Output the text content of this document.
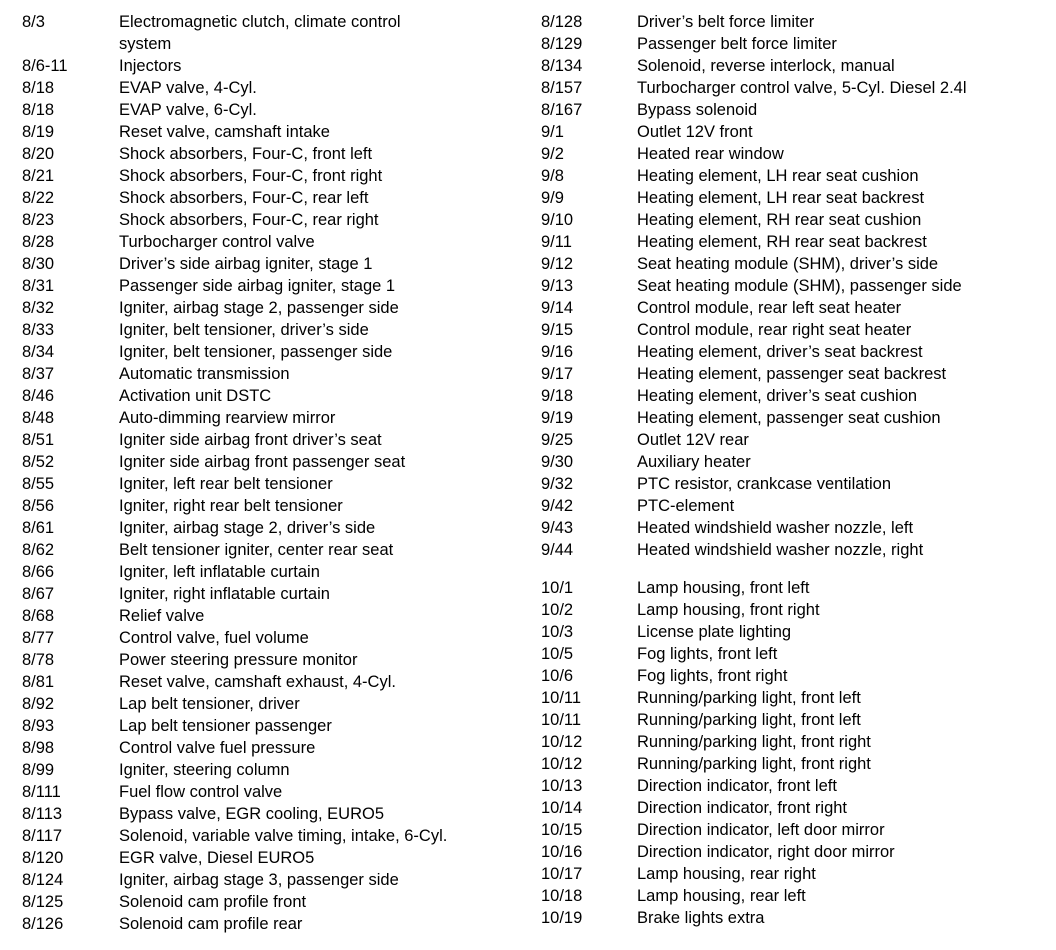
8/3	Electromagnetic clutch, climate control system
8/6-11	Injectors
8/18	EVAP valve, 4-Cyl.
8/18	EVAP valve, 6-Cyl.
8/19	Reset valve, camshaft intake
8/20	Shock absorbers, Four-C, front left
8/21	Shock absorbers, Four-C, front right
8/22	Shock absorbers, Four-C, rear left
8/23	Shock absorbers, Four-C, rear right
8/28	Turbocharger control valve
8/30	Driver’s side airbag igniter, stage 1
8/31	Passenger side airbag igniter, stage 1
8/32	Igniter, airbag stage 2, passenger side
8/33	Igniter, belt tensioner, driver’s side
8/34	Igniter, belt tensioner, passenger side
8/37	Automatic transmission
8/46	Activation unit DSTC
8/48	Auto-dimming rearview mirror
8/51	Igniter side airbag front driver’s seat
8/52	Igniter side airbag front passenger seat
8/55	Igniter, left rear belt tensioner
8/56	Igniter, right rear belt tensioner
8/61	Igniter, airbag stage 2, driver’s side
8/62	Belt tensioner igniter, center rear seat
8/66	Igniter, left inflatable curtain
8/67	Igniter, right inflatable curtain
8/68	Relief valve
8/77	Control valve, fuel volume
8/78	Power steering pressure monitor
8/81	Reset valve, camshaft exhaust, 4-Cyl.
8/92	Lap belt tensioner, driver
8/93	Lap belt tensioner passenger
8/98	Control valve fuel pressure
8/99	Igniter, steering column
8/111	Fuel flow control valve
8/113	Bypass valve, EGR cooling, EURO5
8/117	Solenoid, variable valve timing, intake, 6-Cyl.
8/120	EGR valve, Diesel EURO5
8/124	Igniter, airbag stage 3, passenger side
8/125	Solenoid cam profile front
8/126	Solenoid cam profile rear
8/128	Driver’s belt force limiter
8/129	Passenger belt force limiter
8/134	Solenoid, reverse interlock, manual
8/157	Turbocharger control valve, 5-Cyl. Diesel 2.4l
8/167	Bypass solenoid
9/1	Outlet 12V front
9/2	Heated rear window
9/8	Heating element, LH rear seat cushion
9/9	Heating element, LH rear seat backrest
9/10	Heating element, RH rear seat cushion
9/11	Heating element, RH rear seat backrest
9/12	Seat heating module (SHM), driver’s side
9/13	Seat heating module (SHM), passenger side
9/14	Control module, rear left seat heater
9/15	Control module, rear right seat heater
9/16	Heating element, driver’s seat backrest
9/17	Heating element, passenger seat backrest
9/18	Heating element, driver’s seat cushion
9/19	Heating element, passenger seat cushion
9/25	Outlet 12V rear
9/30	Auxiliary heater
9/32	PTC resistor, crankcase ventilation
9/42	PTC-element
9/43	Heated windshield washer nozzle, left
9/44	Heated windshield washer nozzle, right
10/1	Lamp housing, front left
10/2	Lamp housing, front right
10/3	License plate lighting
10/5	Fog lights, front left
10/6	Fog lights, front right
10/11	Running/parking light, front left
10/11	Running/parking light, front left
10/12	Running/parking light, front right
10/12	Running/parking light, front right
10/13	Direction indicator, front left
10/14	Direction indicator, front right
10/15	Direction indicator, left door mirror
10/16	Direction indicator, right door mirror
10/17	Lamp housing, rear right
10/18	Lamp housing, rear left
10/19	Brake lights extra
